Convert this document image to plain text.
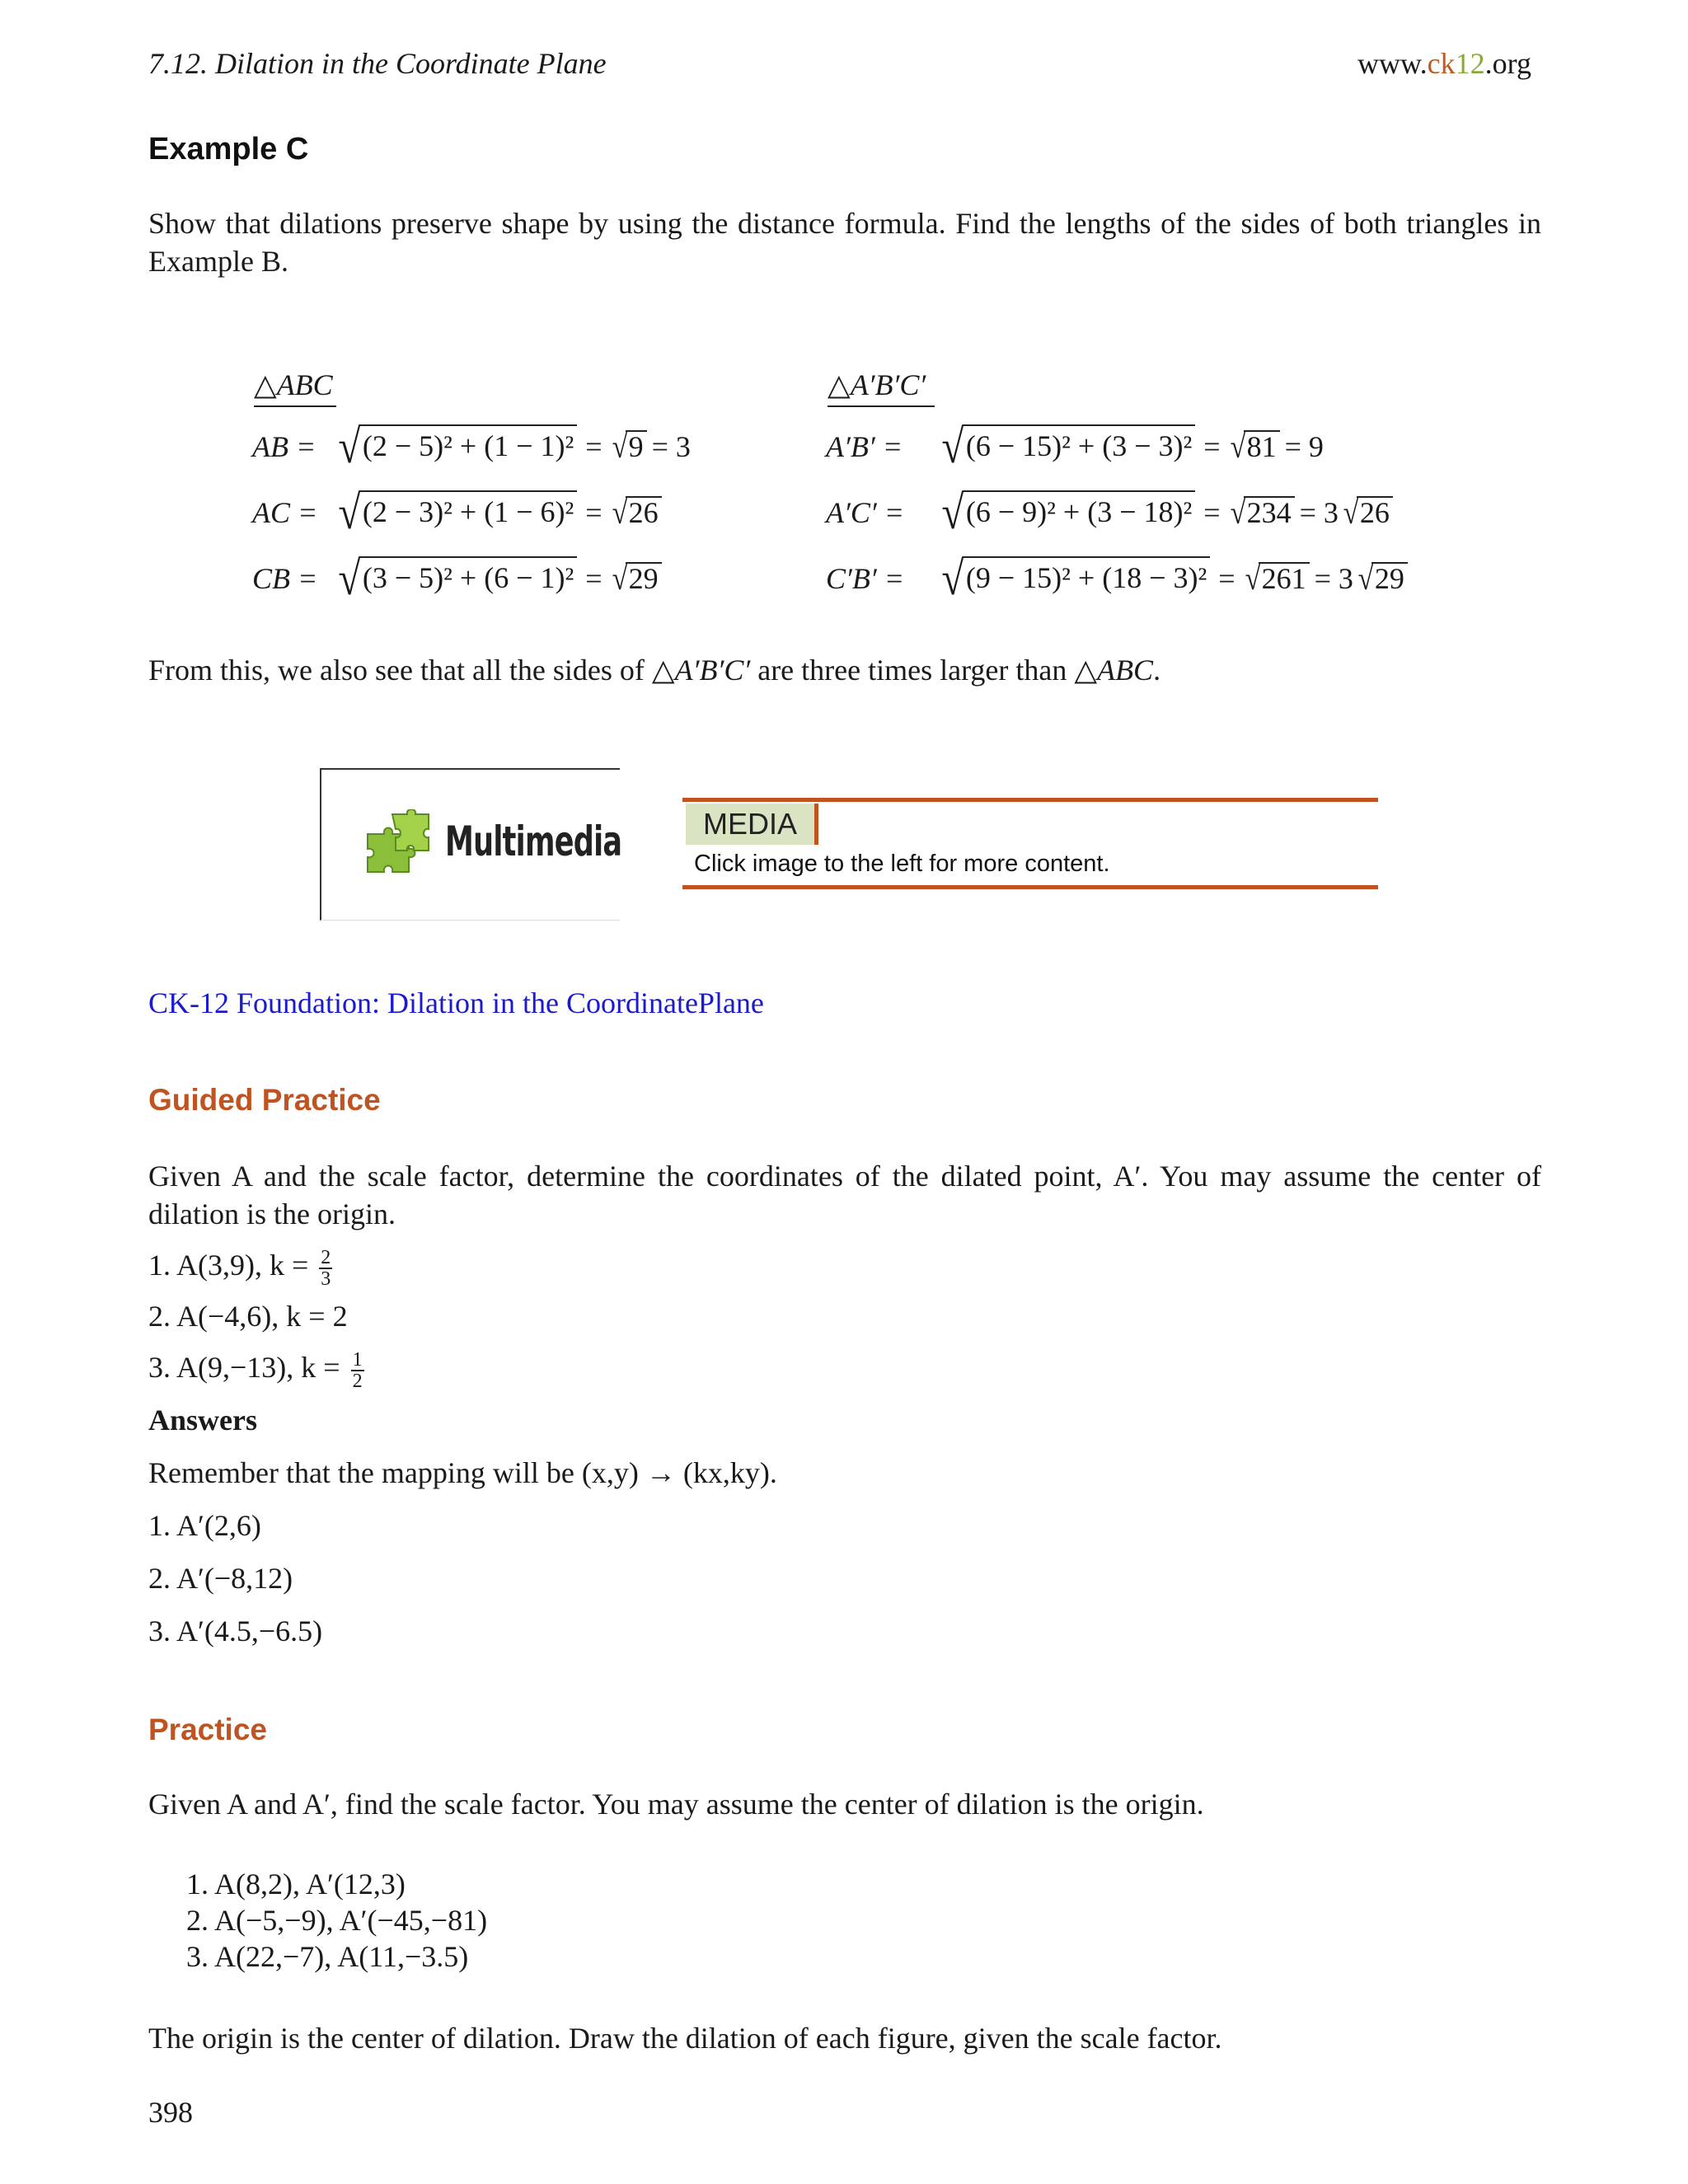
7.12. Dilation in the Coordinate Plane	www.ck12.org
Example C
Show that dilations preserve shape by using the distance formula. Find the lengths of the sides of both triangles in Example B.
△ABC
AB = √ (2 − 5)² + (1 − 1)² = √ 9 = 3
AC = √ (2 − 3)² + (1 − 6)² = √ 26
CB = √ (3 − 5)² + (6 − 1)² = √ 29
△A′B′C′
A′B′ = √ (6 − 15)² + (3 − 3)² = √ 81 = 9
A′C′ = √ (6 − 9)² + (3 − 18)² = √ 234 = 3 √ 26
C′B′ = √ (9 − 15)² + (18 − 3)² = √ 261 = 3 √ 29
From this, we also see that all the sides of △A′B′C′ are three times larger than △ABC.
Multimedia	MEDIA
Click image to the left for more content.
CK-12 Foundation: Dilation in the CoordinatePlane
Guided Practice
Given A and the scale factor, determine the coordinates of the dilated point, A′. You may assume the center of dilation is the origin.
1. A(3,9), $k = \frac{2}{3}$
2. A(−4,6), k = 2
3. A(9,−13), $k = \frac{1}{2}$
Answers
Remember that the mapping will be (x,y) → (kx,ky).
1. A′(2,6)
2. A′(−8,12)
3. A′(4.5,−6.5)
Practice
Given A and A′, find the scale factor. You may assume the center of dilation is the origin.
1. A(8,2), A′(12,3)
2. A(−5,−9), A′(−45,−81)
3. A(22,−7), A(11,−3.5)
The origin is the center of dilation. Draw the dilation of each figure, given the scale factor.
398
